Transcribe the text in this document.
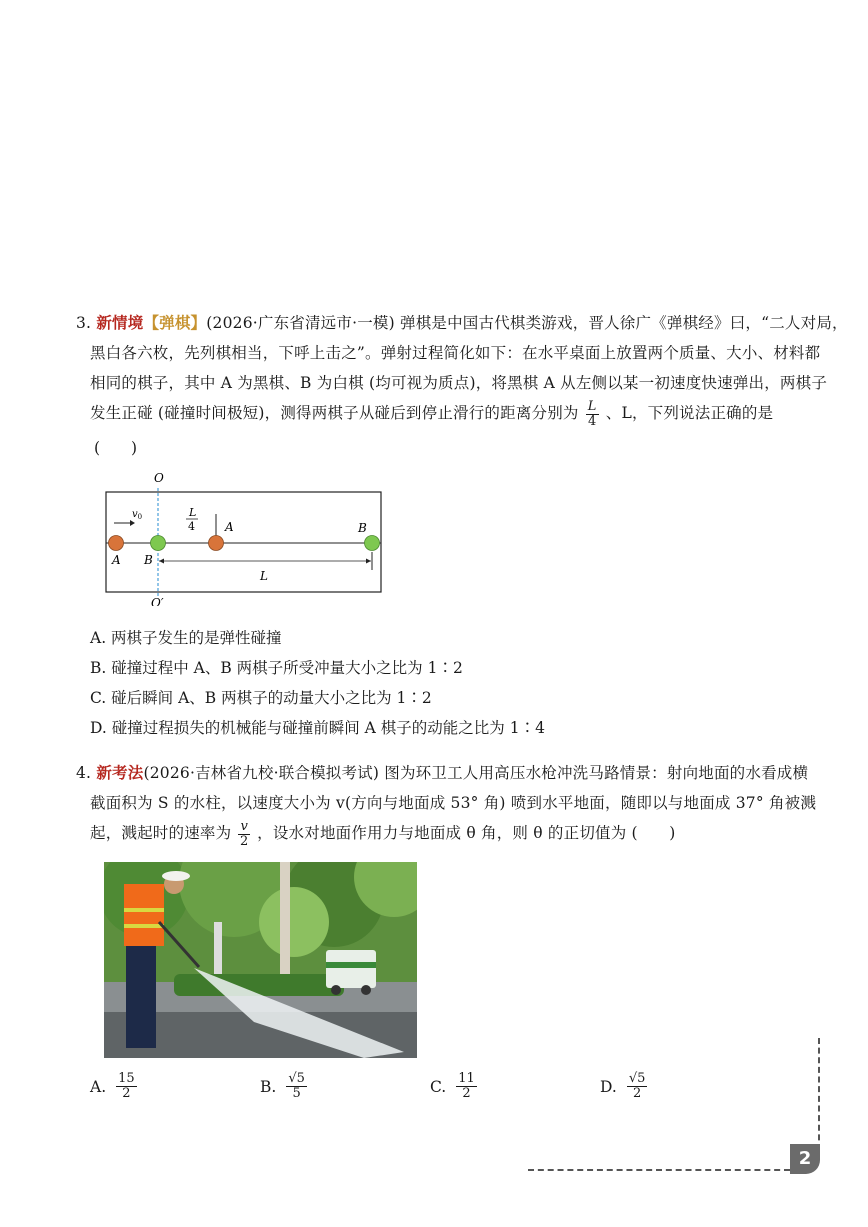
3. 新情境【弹棋】(2026·广东省清远市·一模) 弹棋是中国古代棋类游戏，晋人徐广《弹棋经》曰，“二人对局，
黑白各六枚，先列棋相当，下呼上击之”。弹射过程简化如下：在水平桌面上放置两个质量、大小、材料都
相同的棋子，其中 A 为黑棋、B 为白棋 (均可视为质点)，将黑棋 A 从左侧以某一初速度快速弹出，两棋子
发生正碰 (碰撞时间极短)，测得两棋子从碰后到停止滑行的距离分别为 $\frac{L}{4}$ 、L，下列说法正确的是
(　　)
O
O′
$v_0$	L
4	A	B
A B
L
A. 两棋子发生的是弹性碰撞
B. 碰撞过程中 A、B 两棋子所受冲量大小之比为 1∶2
C. 碰后瞬间 A、B 两棋子的动量大小之比为 1∶2
D. 碰撞过程损失的机械能与碰撞前瞬间 A 棋子的动能之比为 1∶4
4. 新考法(2026·吉林省九校·联合模拟考试) 图为环卫工人用高压水枪冲洗马路情景：射向地面的水看成横
截面积为 S 的水柱，以速度大小为 v(方向与地面成 53° 角) 喷到水平地面，随即以与地面成 37° 角被溅
起，溅起时的速率为 $\frac{v}{2}$ ，设水对地面作用力与地面成 θ 角，则 θ 的正切值为 (　　)
A. $\frac{15}{2}$	B. $\frac{√5}{5}$	C. $\frac{11}{2}$	D. $\frac{√5}{2}$
2
